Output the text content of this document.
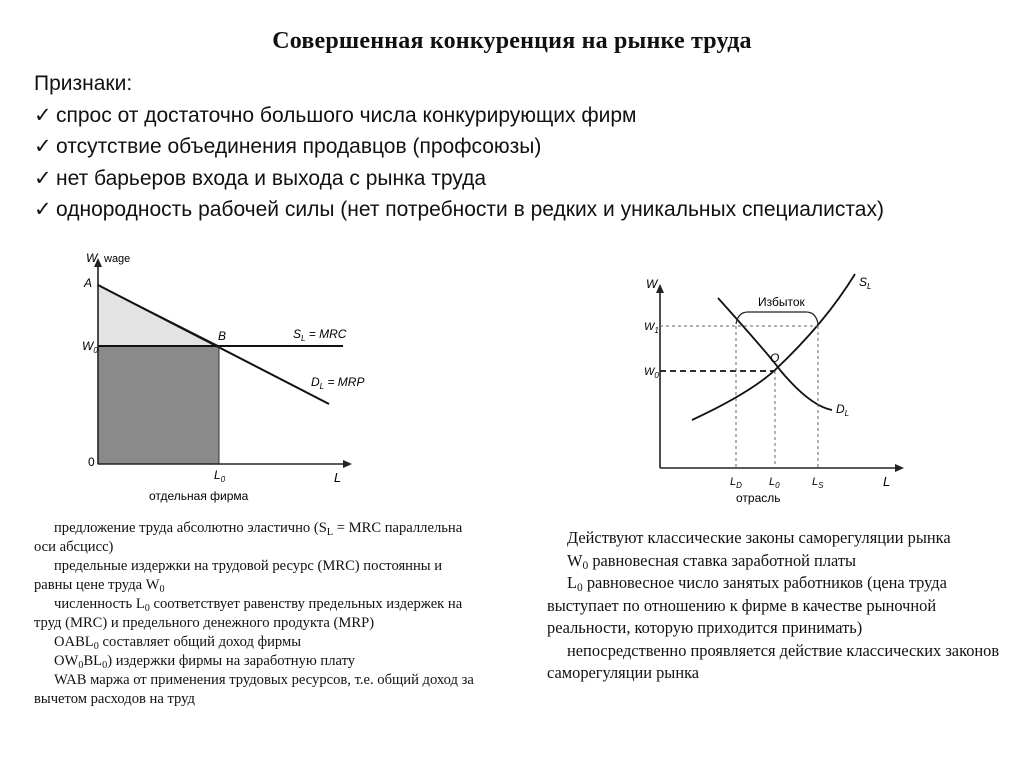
Совершенная конкуренция на рынке труда
Признаки:
✓ спрос от достаточно большого числа конкурирующих фирм
✓ отсутствие объединения продавцов (профсоюзы)
✓ нет барьеров входа и выхода с рынка труда
✓ однородность рабочей силы (нет потребности в редких и уникальных специалистах)
W wage
A
$W_0$
B	$S_L$ = MRC
$D_L$ = MRP
0
$L_0$	L
отдельная фирма
Избыток
W	$S_L$
$D_L$
O
$W_1$
$W_0$
$L_D$ $L_0$	$L_S$	L
отрасль

предложение труда абсолютно эластично ($S_L$ = MRC параллельна оси абсцисс)

предельные издержки на трудовой ресурс (MRC) постоянны и равны цене труда $W_0$

численность $L_0$ соответствует равенству предельных издержек на труд (MRC) и предельного денежного продукта (MRP)

$OABL_0$ составляет общий доход фирмы

$OW_0BL_0$) издержки фирмы на заработную плату

WAB маржа от применения трудовых ресурсов, т.е. общий доход за вычетом расходов на труд

Действуют классические законы саморегуляции рынка

$W_0$ равновесная ставка заработной платы

$L_0$ равновесное число занятых работников (цена труда выступает по отношению к фирме в качестве рыночной реальности, которую приходится принимать)

непосредственно проявляется действие классических законов саморегуляции рынка
